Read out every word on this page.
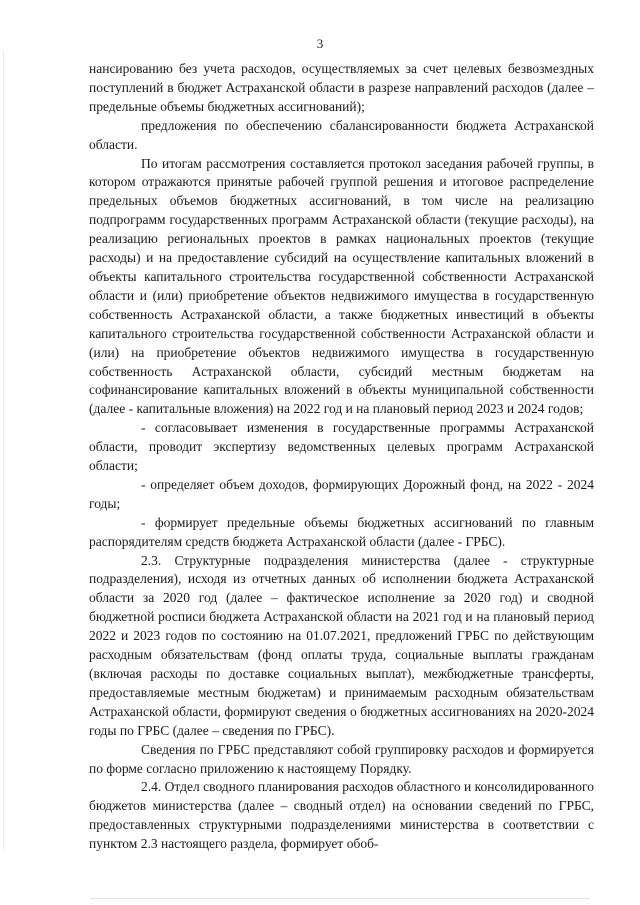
3

нансированию без учета расходов, осуществляемых за счет целевых безвозмездных поступлений в бюджет Астраханской области в разрезе направлений расходов (далее – предельные объемы бюджетных ассигнований);

предложения по обеспечению сбалансированности бюджета Астраханской области.

По итогам рассмотрения составляется протокол заседания рабочей группы, в котором отражаются принятые рабочей группой решения и итоговое распределение предельных объемов бюджетных ассигнований, в том числе на реализацию подпрограмм государственных программ Астраханской области (текущие расходы), на реализацию региональных проектов в рамках национальных проектов (текущие расходы) и на предоставление субсидий на осуществление капитальных вложений в объекты капитального строительства государственной собственности Астраханской области и (или) приобретение объектов недвижимого имущества в государственную собственность Астраханской области, а также бюджетных инвестиций в объекты капитального строительства государственной собственности Астраханской области и (или) на приобретение объектов недвижимого имущества в государственную собственность Астраханской области, субсидий местным бюджетам на софинансирование капитальных вложений в объекты муниципальной собственности (далее - капитальные вложения) на 2022 год и на плановый период 2023 и 2024 годов;

- согласовывает изменения в государственные программы Астраханской области, проводит экспертизу ведомственных целевых программ Астраханской области;

- определяет объем доходов, формирующих Дорожный фонд, на 2022 - 2024 годы;

- формирует предельные объемы бюджетных ассигнований по главным распорядителям средств бюджета Астраханской области (далее - ГРБС).

2.3. Структурные подразделения министерства (далее - структурные подразделения), исходя из отчетных данных об исполнении бюджета Астраханской области за 2020 год (далее – фактическое исполнение за 2020 год) и сводной бюджетной росписи бюджета Астраханской области на 2021 год и на плановый период 2022 и 2023 годов по состоянию на 01.07.2021, предложений ГРБС по действующим расходным обязательствам (фонд оплаты труда, социальные выплаты гражданам (включая расходы по доставке социальных выплат), межбюджетные трансферты, предоставляемые местным бюджетам) и принимаемым расходным обязательствам Астраханской области, формируют сведения о бюджетных ассигнованиях на 2020-2024 годы по ГРБС (далее – сведения по ГРБС).

Сведения по ГРБС представляют собой группировку расходов и формируется по форме согласно приложению к настоящему Порядку.

2.4. Отдел сводного планирования расходов областного и консолидированного бюджетов министерства (далее – сводный отдел) на основании сведений по ГРБС, предоставленных структурными подразделениями министерства в соответствии с пунктом 2.3 настоящего раздела, формирует обоб-
